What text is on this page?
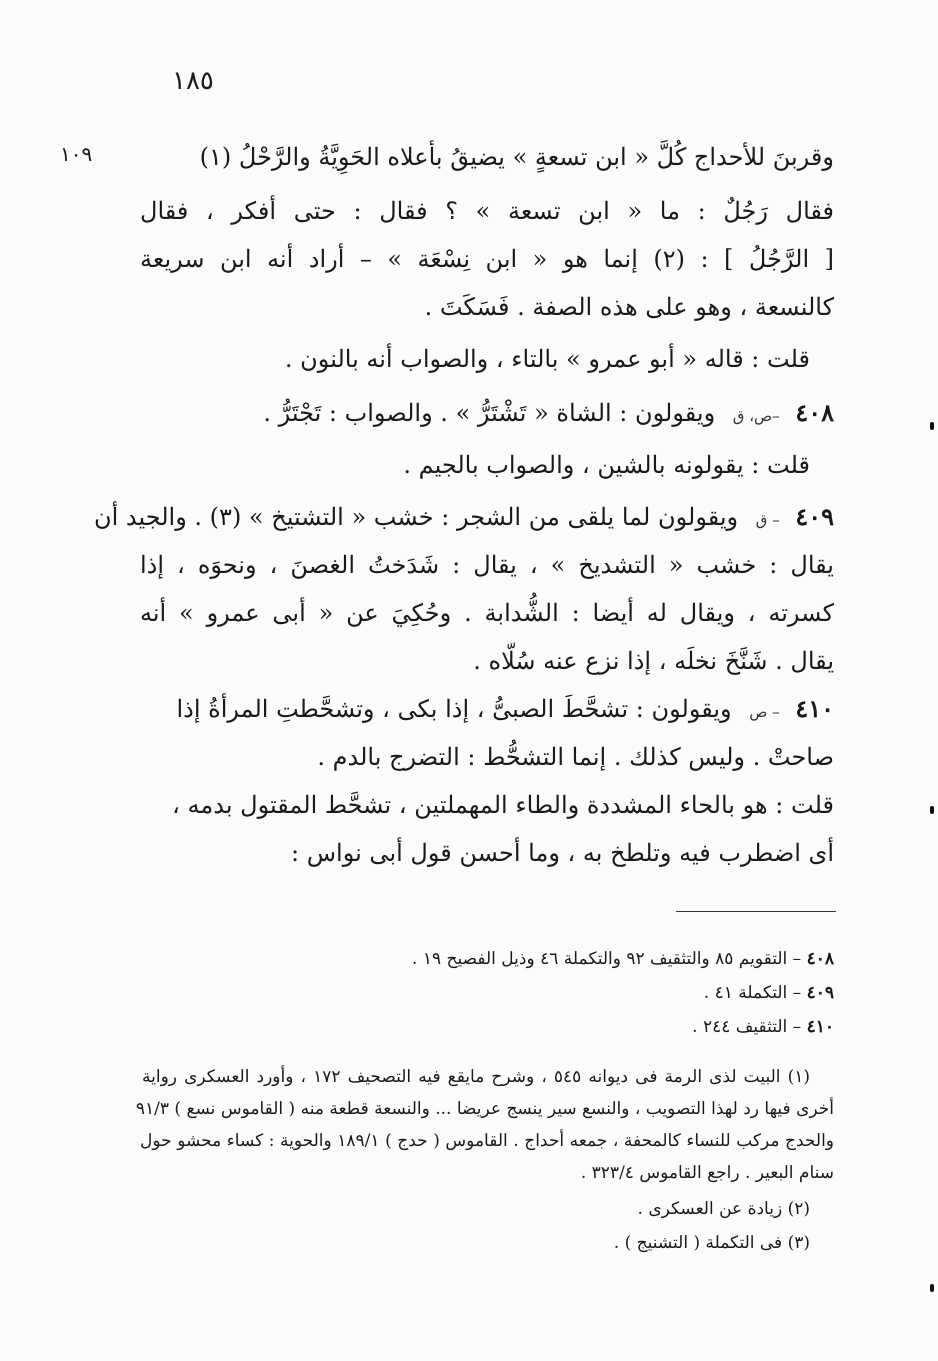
١٨٥
١٠٩	وقربنَ للأحداج كُلَّ « ابن تسعةٍ » يضيقُ بأعلاه الحَوِيَّةُ والرَّحْلُ (١)
فقال رَجُلٌ : ما « ابن تسعة » ؟ فقال : حتى أفكر ، فقال
[ الرَّجُلُ ] : (٢) إنما هو « ابن نِسْعَة » – أراد أنه ابن سريعة
كالنسعة ، وهو على هذه الصفة . فَسَكَتَ .
قلت : قاله « أبو عمرو » بالتاء ، والصواب أنه بالنون .
٤٠٨ –ص، ق ويقولون : الشاة « تَشْتَرُّ » . والصواب : تَجْتَرُّ .
قلت : يقولونه بالشين ، والصواب بالجيم .
٤٠٩ – ق ويقولون لما يلقى من الشجر : خشب « التشتيخ » (٣) . والجيد أن
يقال : خشب « التشديخ » ، يقال : شَدَختُ الغصنَ ، ونحوَه ، إذا
كسرته ، ويقال له أيضا : الشُّدابة . وحُكِيَ عن « أبى عمرو » أنه
يقال . شَنَّخَ نخلَه ، إذا نزع عنه سُلّاه .
٤١٠ – ص ويقولون : تشحَّطَ الصبىُّ ، إذا بكى ، وتشحَّطتِ المرأةُ إذا
صاحتْ . وليس كذلك . إنما التشحُّط : التضرج بالدم .
قلت : هو بالحاء المشددة والطاء المهملتين ، تشحَّط المقتول بدمه ،
أى اضطرب فيه وتلطخ به ، وما أحسن قول أبى نواس :
٤٠٨ – التقويم ٨٥ والتثقيف ٩٢ والتكملة ٤٦ وذيل الفصيح ١٩ .
٤٠٩ – التكملة ٤١ .
٤١٠ – التثقيف ٢٤٤ .
(١) البيت لذى الرمة فى ديوانه ٥٤٥ ، وشرح مايقع فيه التصحيف ١٧٢ ، وأورد العسكرى رواية
أخرى فيها رد لهذا التصويب ، والنسع سير ينسج عريضا ... والنسعة قطعة منه ( القاموس نسع ) ٩١/٣
والحدج مركب للنساء كالمحفة ، جمعه أحداج . القاموس ( حدج ) ١٨٩/١ والحوية : كساء محشو حول
سنام البعير . راجع القاموس ٣٢٣/٤ .
(٢) زيادة عن العسكرى .
(٣) فى التكملة ( التشنيج ) .
